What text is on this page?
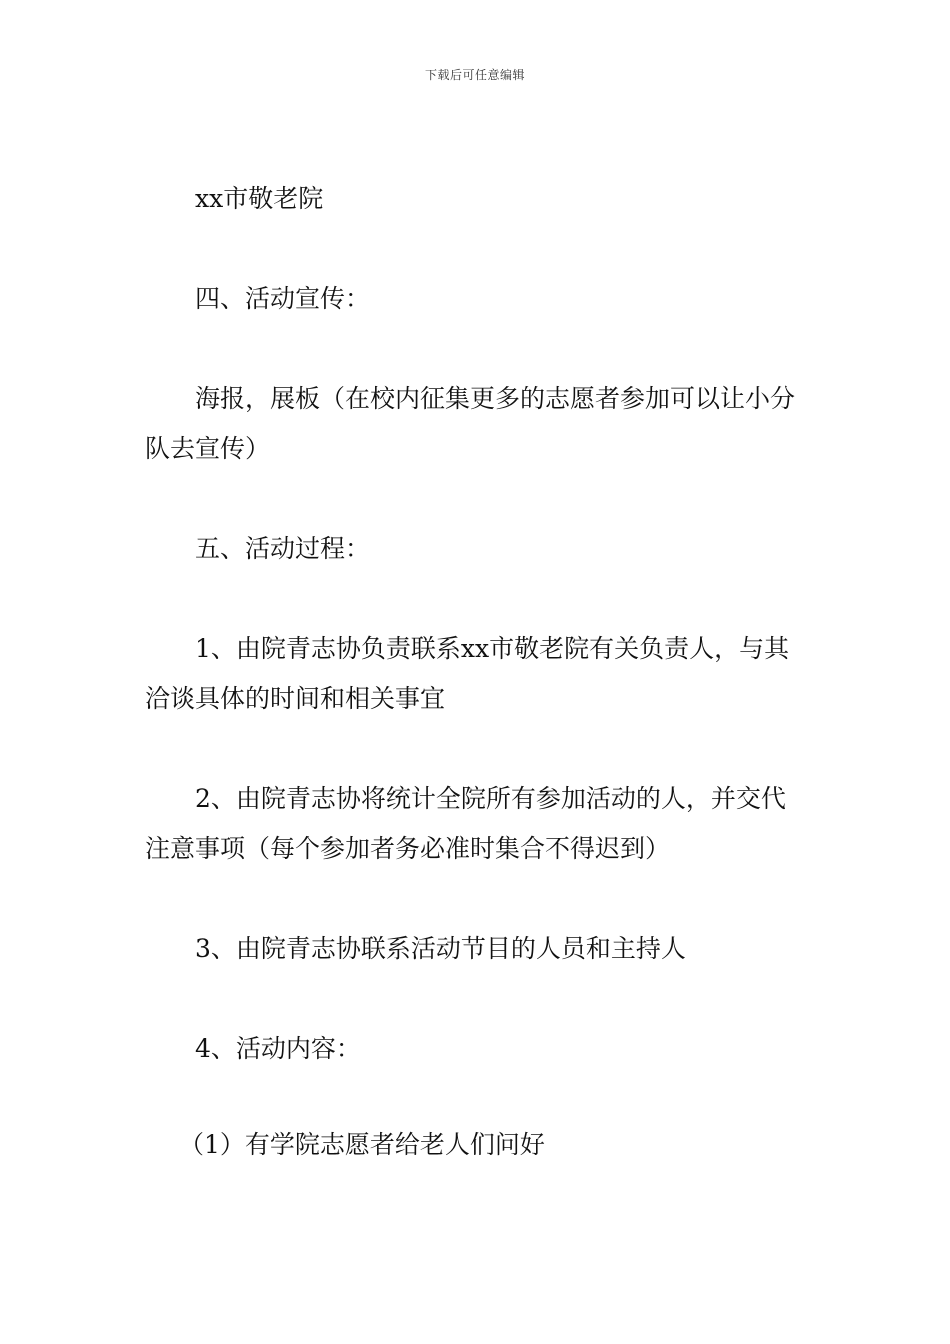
下载后可任意编辑

xx市敬老院

四、活动宣传：

海报，展板（在校内征集更多的志愿者参加可以让小分队去宣传）

五、活动过程：

1、由院青志协负责联系xx市敬老院有关负责人，与其洽谈具体的时间和相关事宜

2、由院青志协将统计全院所有参加活动的人，并交代注意事项（每个参加者务必准时集合不得迟到）

3、由院青志协联系活动节目的人员和主持人

4、活动内容：

（1）有学院志愿者给老人们问好
